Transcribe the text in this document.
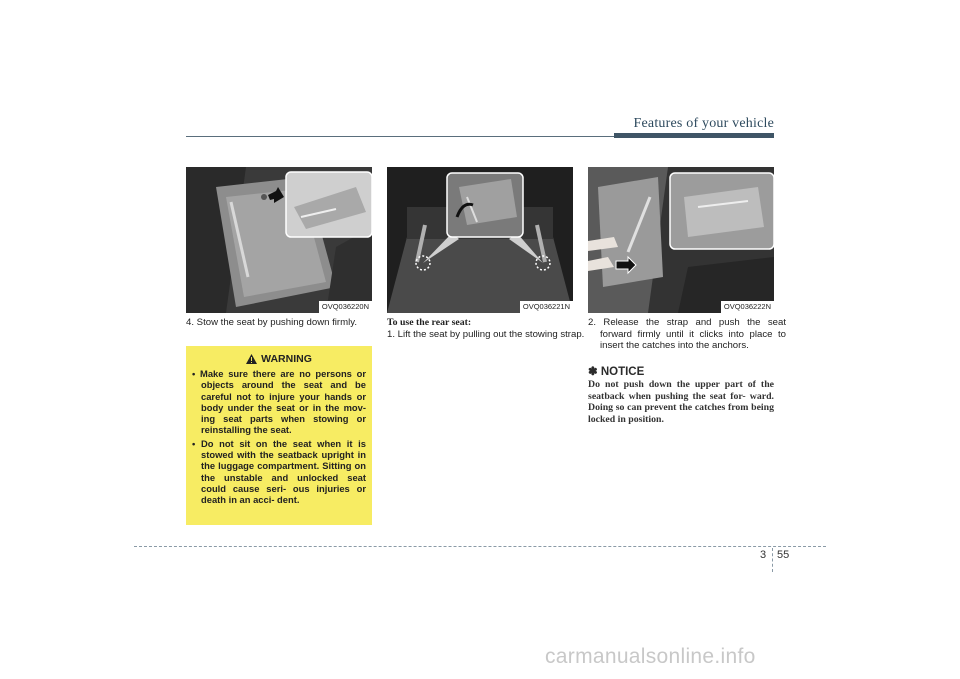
Features of your vehicle
OVQ036220N	OVQ036221N	OVQ036222N
4. Stow the seat by pushing down firmly.
WARNING
• Make sure there are no persons or objects around the seat and be careful not to injure your hands or body under the seat or in the mov- ing seat parts when stowing or reinstalling the seat.
• Do not sit on the seat when it is stowed with the seatback upright in the luggage compartment. Sitting on the unstable and unlocked seat could cause seri- ous injuries or death in an acci- dent.
To use the rear seat:
1. Lift the seat by pulling out the stowing strap.
2. Release the strap and push the seat forward firmly until it clicks into place to insert the catches into the anchors.
✽ NOTICE
Do not push down the upper part of the seatback when pushing the seat for- ward. Doing so can prevent the catches from being locked in position.
3 55
carmanualsonline.info
